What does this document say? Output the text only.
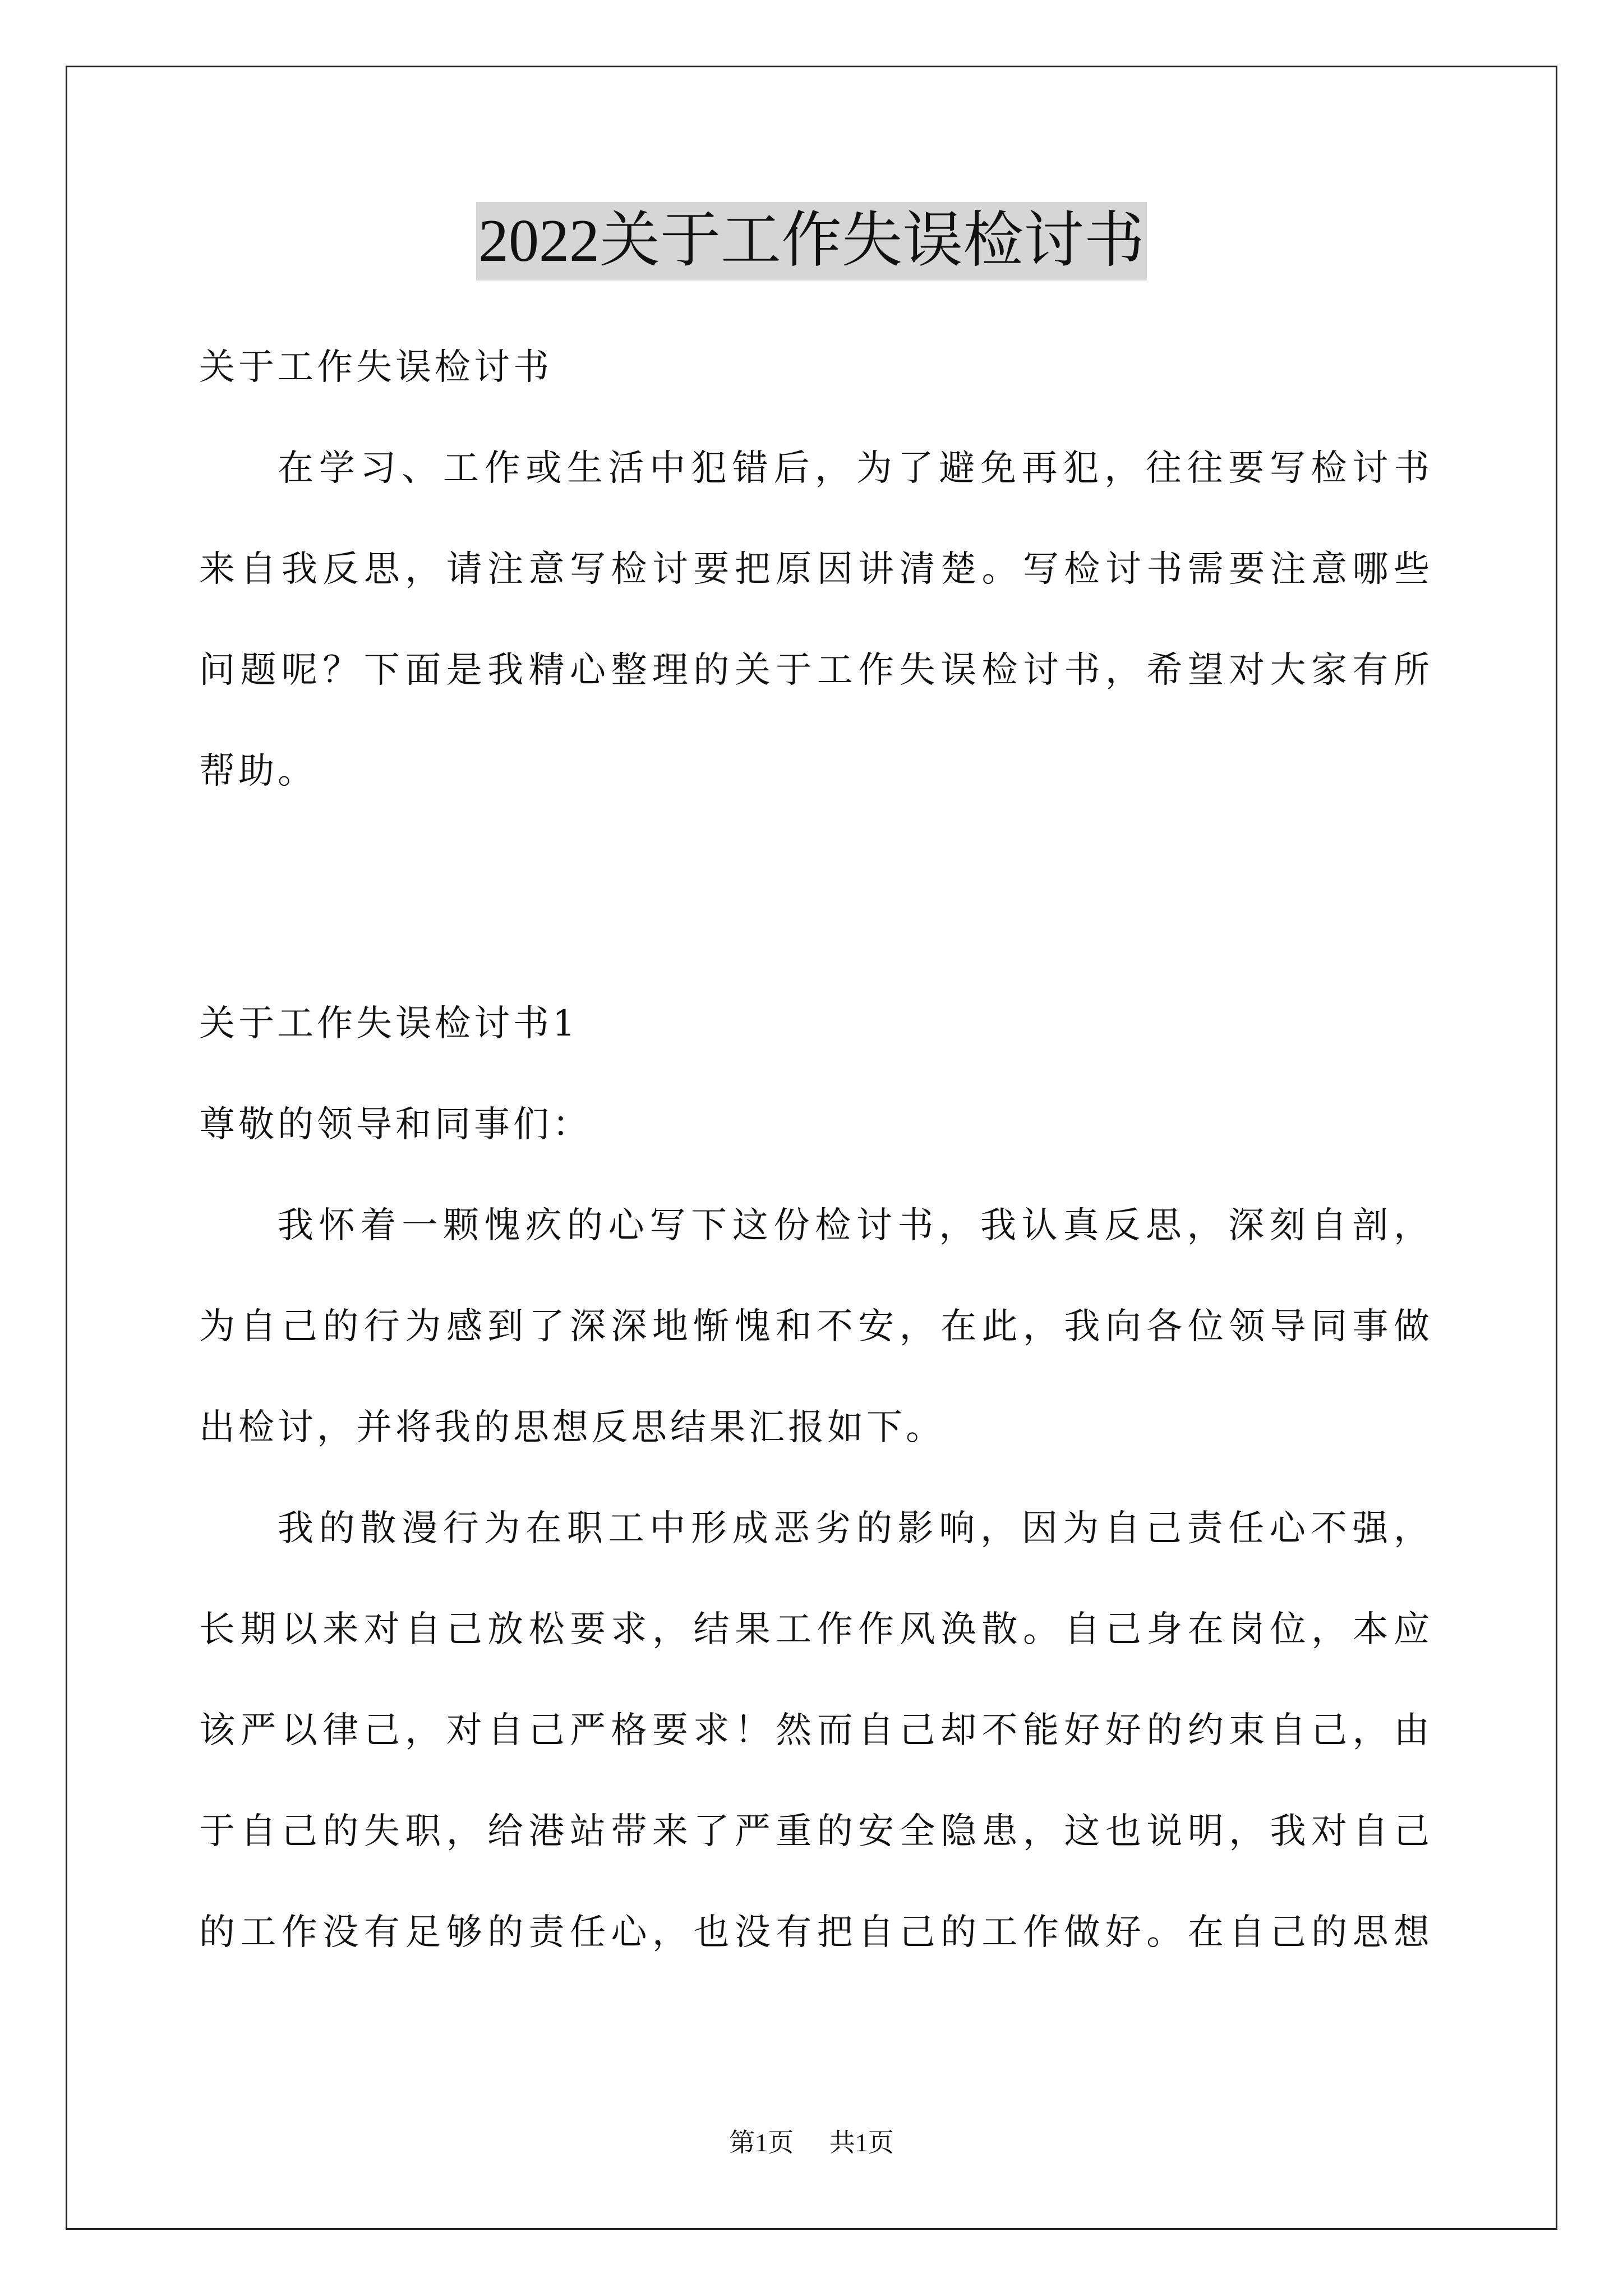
2022关于工作失误检讨书
关于工作失误检讨书
在学习、工作或生活中犯错后，为了避免再犯，往往要写检讨书
来自我反思，请注意写检讨要把原因讲清楚。写检讨书需要注意哪些
问题呢？下面是我精心整理的关于工作失误检讨书，希望对大家有所
帮助。
关于工作失误检讨书1
尊敬的领导和同事们：
我怀着一颗愧疚的心写下这份检讨书，我认真反思，深刻自剖，
为自己的行为感到了深深地惭愧和不安，在此，我向各位领导同事做
出检讨，并将我的思想反思结果汇报如下。
我的散漫行为在职工中形成恶劣的影响，因为自己责任心不强，
长期以来对自己放松要求，结果工作作风涣散。自己身在岗位，本应
该严以律己，对自己严格要求！然而自己却不能好好的约束自己，由
于自己的失职，给港站带来了严重的安全隐患，这也说明，我对自己
的工作没有足够的责任心，也没有把自己的工作做好。在自己的思想
第1页 共1页
